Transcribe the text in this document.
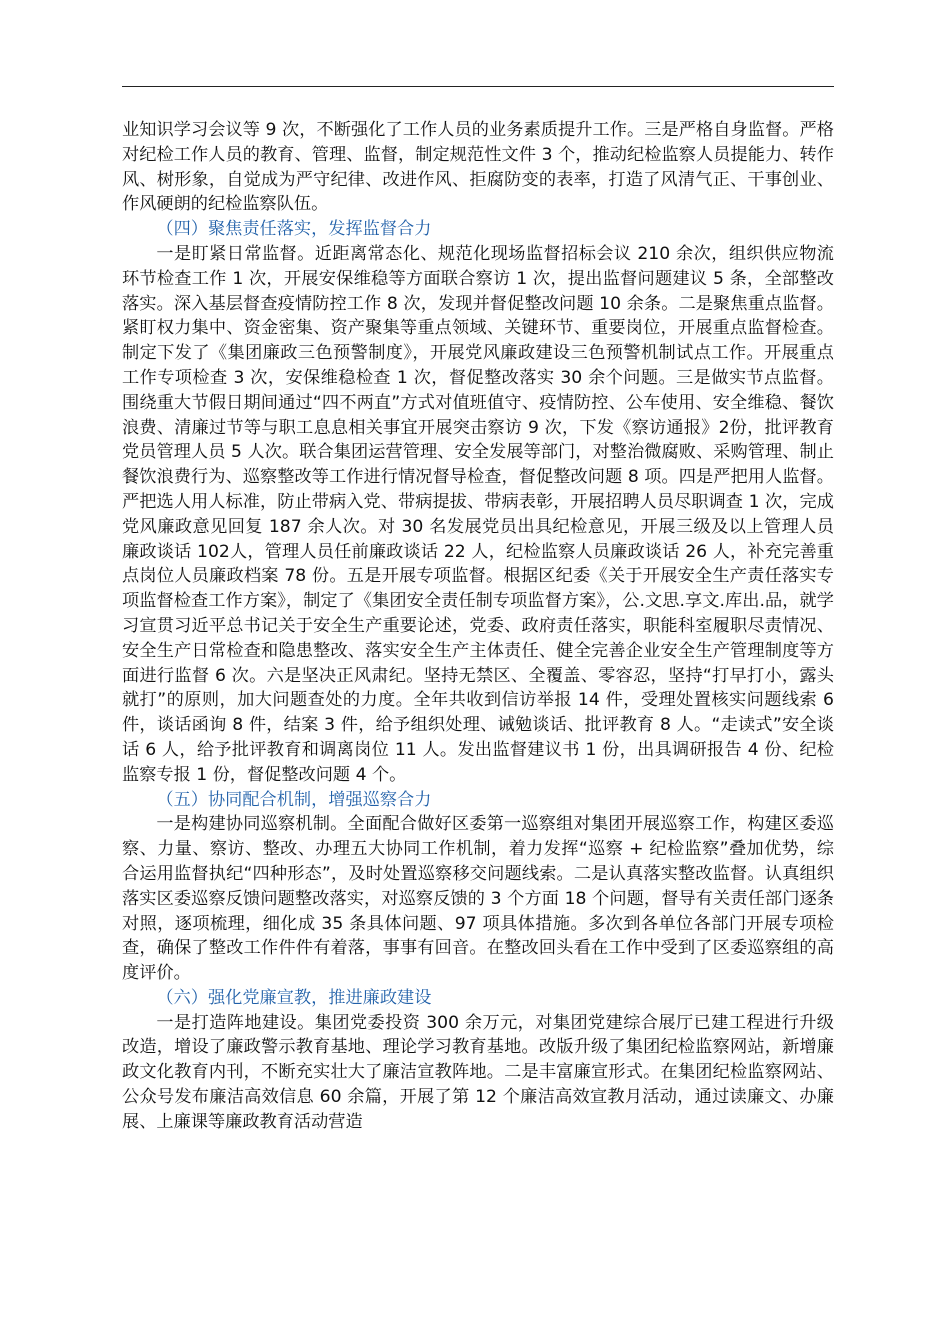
业知识学习会议等 9 次，不断强化了工作人员的业务素质提升工作。三是严格自身监督。严格对纪检工作人员的教育、管理、监督，制定规范性文件 3 个，推动纪检监察人员提能力、转作风、树形象，自觉成为严守纪律、改进作风、拒腐防变的表率，打造了风清气正、干事创业、作风硬朗的纪检监察队伍。

（四）聚焦责任落实，发挥监督合力

一是盯紧日常监督。近距离常态化、规范化现场监督招标会议 210 余次，组织供应物流环节检查工作 1 次，开展安保维稳等方面联合察访 1 次，提出监督问题建议 5 条，全部整改落实。深入基层督查疫情防控工作 8 次，发现并督促整改问题 10 余条。二是聚焦重点监督。紧盯权力集中、资金密集、资产聚集等重点领域、关键环节、重要岗位，开展重点监督检查。制定下发了《集团廉政三色预警制度》，开展党风廉政建设三色预警机制试点工作。开展重点工作专项检查 3 次，安保维稳检查 1 次，督促整改落实 30 余个问题。三是做实节点监督。围绕重大节假日期间通过“四不两直”方式对值班值守、疫情防控、公车使用、安全维稳、餐饮浪费、清廉过节等与职工息息相关事宜开展突击察访 9 次，下发《察访通报》2份，批评教育党员管理人员 5 人次。联合集团运营管理、安全发展等部门，对整治微腐败、采购管理、制止餐饮浪费行为、巡察整改等工作进行情况督导检查，督促整改问题 8 项。四是严把用人监督。严把选人用人标准，防止带病入党、带病提拔、带病表彰，开展招聘人员尽职调查 1 次，完成党风廉政意见回复 187 余人次。对 30 名发展党员出具纪检意见，开展三级及以上管理人员廉政谈话 102人，管理人员任前廉政谈话 22 人，纪检监察人员廉政谈话 26 人，补充完善重点岗位人员廉政档案 78 份。五是开展专项监督。根据区纪委《关于开展安全生产责任落实专项监督检查工作方案》，制定了《集团安全责任制专项监督方案》，公.文思.享文.库出.品，就学习宣贯习近平总书记关于安全生产重要论述，党委、政府责任落实，职能科室履职尽责情况、安全生产日常检查和隐患整改、落实安全生产主体责任、健全完善企业安全生产管理制度等方面进行监督 6 次。六是坚决正风肃纪。坚持无禁区、全覆盖、零容忍，坚持“打早打小，露头就打”的原则，加大问题查处的力度。全年共收到信访举报 14 件，受理处置核实问题线索 6 件，谈话函询 8 件，结案 3 件，给予组织处理、诫勉谈话、批评教育 8 人。“走读式”安全谈话 6 人，给予批评教育和调离岗位 11 人。发出监督建议书 1 份，出具调研报告 4 份、纪检监察专报 1 份，督促整改问题 4 个。

（五）协同配合机制，增强巡察合力

一是构建协同巡察机制。全面配合做好区委第一巡察组对集团开展巡察工作，构建区委巡察、力量、察访、整改、办理五大协同工作机制，着力发挥“巡察 + 纪检监察”叠加优势，综合运用监督执纪“四种形态”，及时处置巡察移交问题线索。二是认真落实整改监督。认真组织落实区委巡察反馈问题整改落实，对巡察反馈的 3 个方面 18 个问题，督导有关责任部门逐条对照，逐项梳理，细化成 35 条具体问题、97 项具体措施。多次到各单位各部门开展专项检查，确保了整改工作件件有着落，事事有回音。在整改回头看在工作中受到了区委巡察组的高度评价。

（六）强化党廉宣教，推进廉政建设

一是打造阵地建设。集团党委投资 300 余万元，对集团党建综合展厅已建工程进行升级改造，增设了廉政警示教育基地、理论学习教育基地。改版升级了集团纪检监察网站，新增廉政文化教育内刊，不断充实壮大了廉洁宣教阵地。二是丰富廉宣形式。在集团纪检监察网站、公众号发布廉洁高效信息 60 余篇，开展了第 12 个廉洁高效宣教月活动，通过读廉文、办廉展、上廉课等廉政教育活动营造
